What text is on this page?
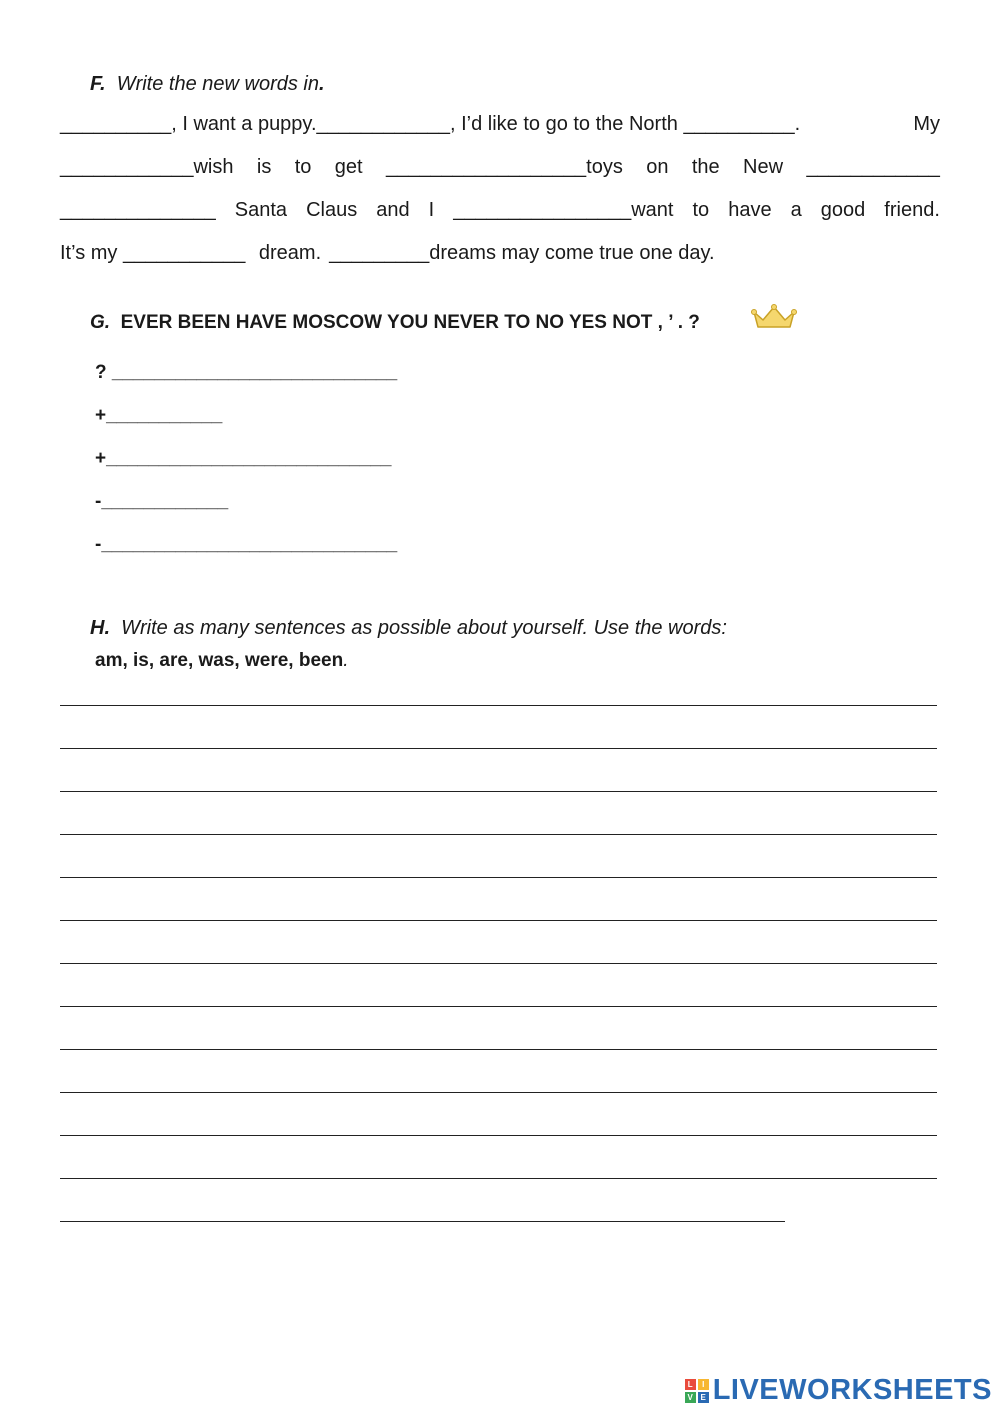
F. Write the new words in.
__________, I want a puppy.____________, I’d like to go to the North __________.	My
____________wish is to get __________________toys on the New ____________
______________ Santa Claus and I ________________want to have a good friend.
It’s my ___________ dream. _________dreams may come true one day.
G. EVER BEEN HAVE MOSCOW YOU NEVER TO NO YES NOT , ’ . ?
? ___________________________
+___________
+___________________________
-____________
-____________________________
H. Write as many sentences as possible about yourself. Use the words:
am, is, are, was, were, been.
L	I
V E LIVEWORKSHEETS
